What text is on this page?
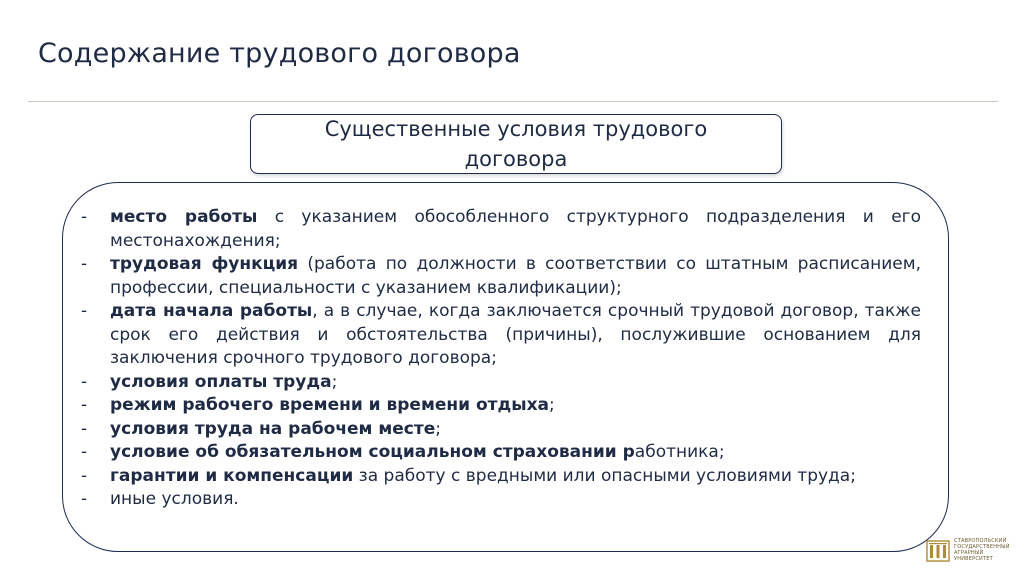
Содержание трудового договора
Существенные условия трудового договора
-	место работы с указанием обособленного структурного подразделения и его местонахождения;
-	трудовая функция (работа по должности в соответствии со штатным расписанием, профессии, специальности с указанием квалификации);
-	дата начала работы, а в случае, когда заключается срочный трудовой договор, также срок его действия и обстоятельства (причины), послужившие основанием для заключения срочного трудового договора;
-	условия оплаты труда;
-	режим рабочего времени и времени отдыха;
-	условия труда на рабочем месте;
-	условие об обязательном социальном страховании работника;
-	гарантии и компенсации за работу с вредными или опасными условиями труда;
-	иные условия.
СТАВРОПОЛЬСКИЙ
ГОСУДАРСТВЕННЫЙ
АГРАРНЫЙ УНИВЕРСИТЕТ
